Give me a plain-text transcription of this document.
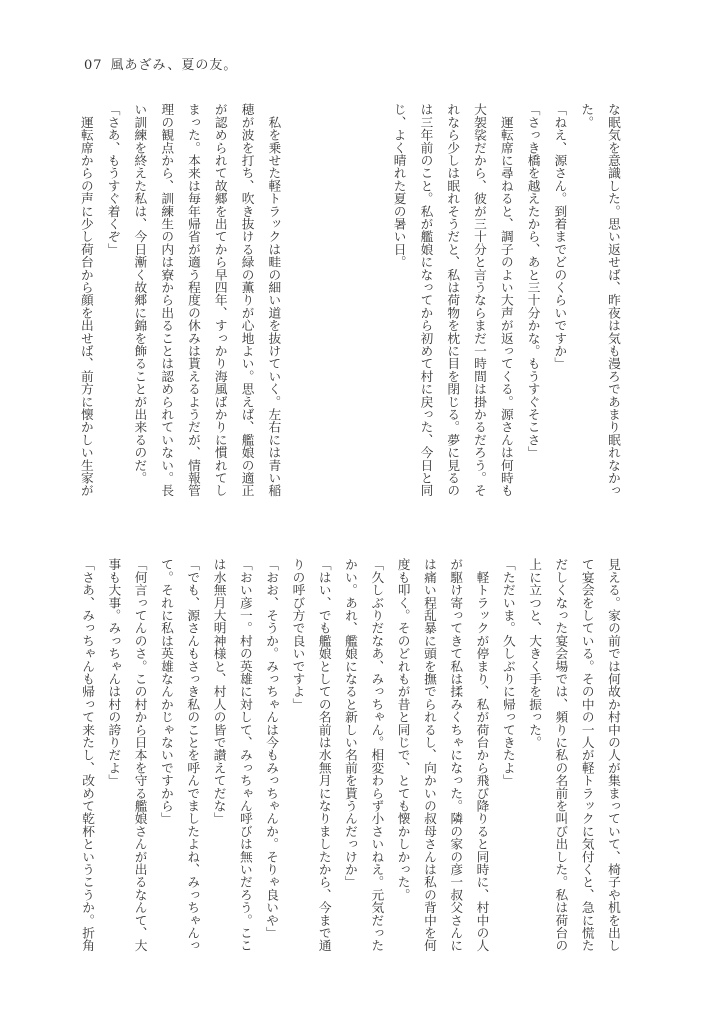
07 風あざみ、夏の友。
な眠気を意識した。思い返せば、昨夜は気も漫ろであまり眠れなかっ
た。
「ねえ、源さん。到着までどのくらいですか」
「さっき橋を越えたから、あと三十分かな。もうすぐそこさ」
　運転席に尋ねると、調子のよい大声が返ってくる。源さんは何時も
大袈裟だから、彼が三十分と言うならまだ一時間は掛かるだろう。そ
れなら少しは眠れそうだと、私は荷物を枕に目を閉じる。夢に見るの
は三年前のこと。私が艦娘になってから初めて村に戻った、今日と同
じ、よく晴れた夏の暑い日。
　私を乗せた軽トラックは畦の細い道を抜けていく。左右には青い稲
穂が波を打ち、吹き抜ける緑の薫りが心地よい。思えば、艦娘の適正
が認められて故郷を出てから早四年、すっかり海風ばかりに慣れてし
まった。本来は毎年帰省が適う程度の休みは貰えるようだが、情報管
理の観点から、訓練生の内は寮から出ることは認められていない。長
い訓練を終えた私は、今日漸く故郷に錦を飾ることが出来るのだ。
「さあ、もうすぐ着くぞ」
　運転席からの声に少し荷台から顔を出せば、前方に懐かしい生家が
見える。家の前では何故か村中の人が集まっていて、椅子や机を出し
て宴会をしている。その中の一人が軽トラックに気付くと、急に慌た
だしくなった宴会場では、頻りに私の名前を叫び出した。私は荷台の
上に立つと、大きく手を振った。
「ただいま。久しぶりに帰ってきたよ」
　軽トラックが停まり、私が荷台から飛び降りると同時に、村中の人
が駆け寄ってきて私は揉みくちゃになった。隣の家の彦一叔父さんに
は痛い程乱暴に頭を撫でられるし、向かいの叔母さんは私の背中を何
度も叩く。そのどれもが昔と同じで、とても懐かしかった。
「久しぶりだなあ、みっちゃん。相変わらず小さいねえ。元気だった
かい。あれ、艦娘になると新しい名前を貰うんだっけか」
「はい、でも艦娘としての名前は水無月になりましたから、今まで通
りの呼び方で良いですよ」
「おお、そうか。みっちゃんは今もみっちゃんか。そりゃ良いや」
「おい彦一。村の英雄に対して、みっちゃん呼びは無いだろう。ここ
は水無月大明神様と、村人の皆で讃えてだな」
「でも、源さんもさっき私のことを呼んでましたよね、みっちゃんっ
て。それに私は英雄なんかじゃないですから」
「何言ってんのさ。この村から日本を守る艦娘さんが出るなんて、大
事も大事。みっちゃんは村の誇りだよ」
「さあ、みっちゃんも帰って来たし、改めて乾杯というこうか。折角
